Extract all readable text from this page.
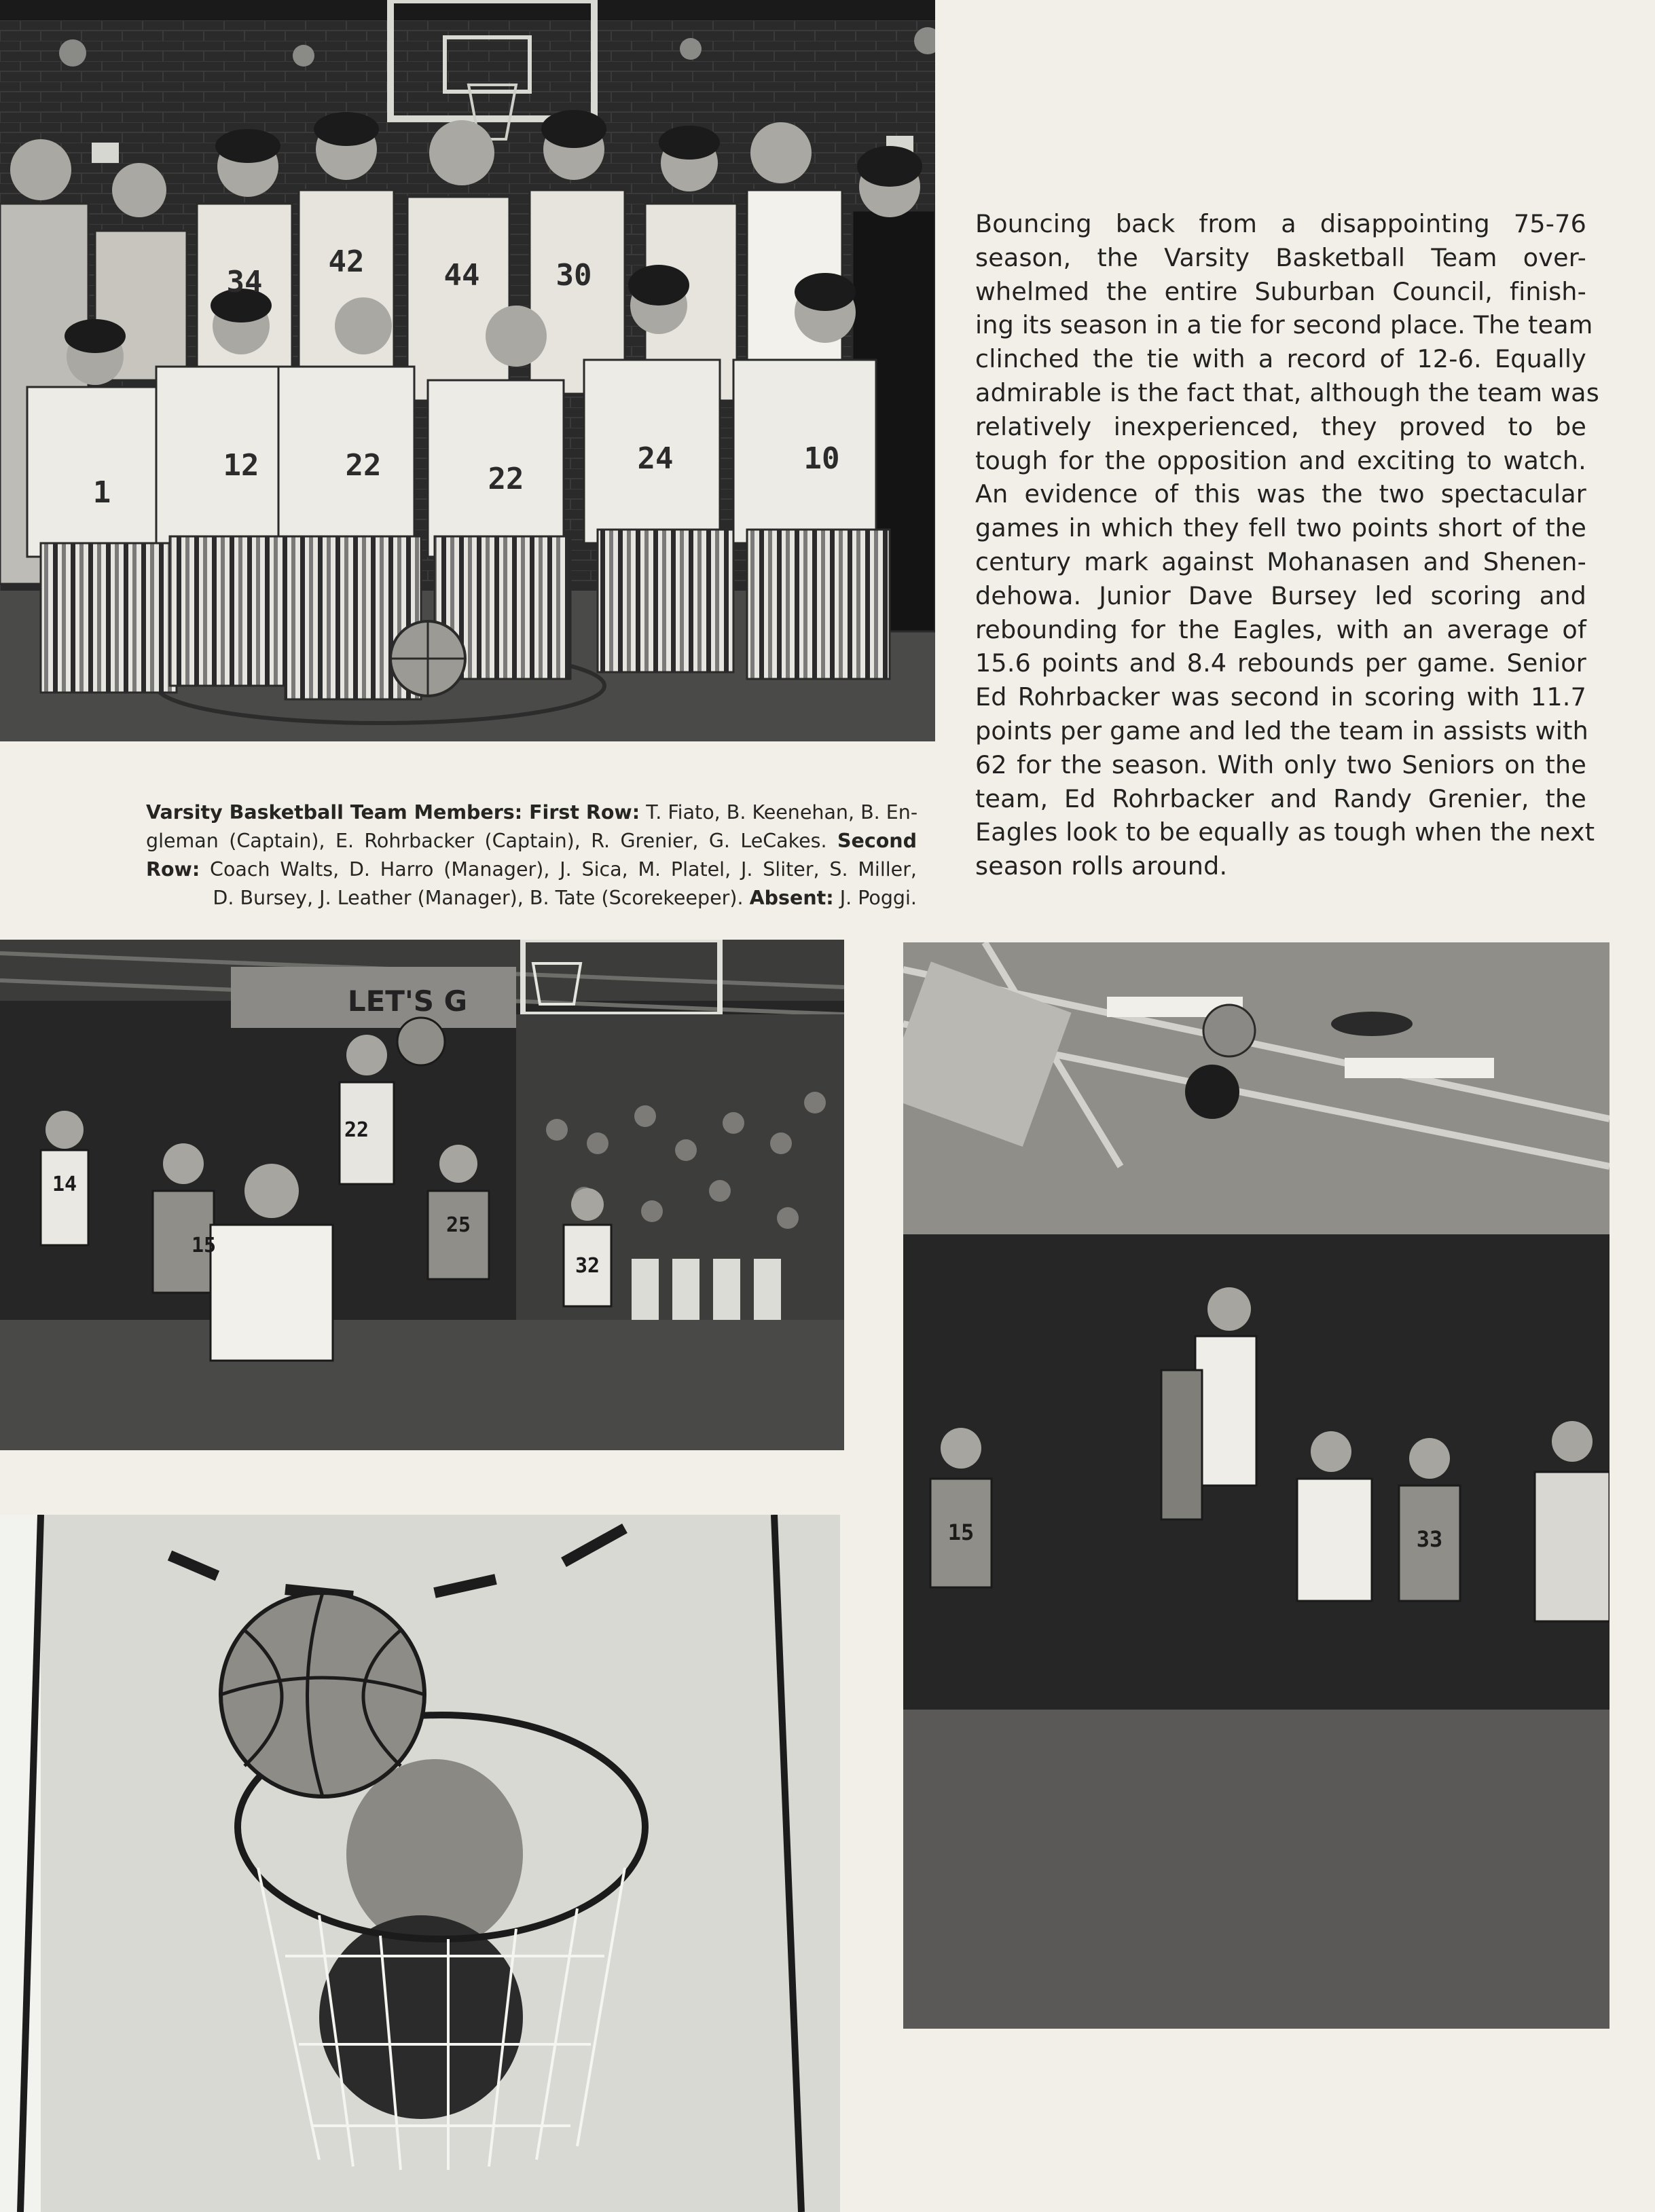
34
42	44	30
1
12	22	22
24	10
Bouncing back from a disappointing 75-76
season, the Varsity Basketball Team over-
whelmed the entire Suburban Council, finish-
ing its season in a tie for second place. The team
clinched the tie with a record of 12-6. Equally
admirable is the fact that, although the team was
relatively inexperienced, they proved to be
tough for the opposition and exciting to watch.
An evidence of this was the two spectacular
games in which they fell two points short of the
century mark against Mohanasen and Shenen-
dehowa. Junior Dave Bursey led scoring and
rebounding for the Eagles, with an average of
15.6 points and 8.4 rebounds per game. Senior
Ed Rohrbacker was second in scoring with 11.7
points per game and led the team in assists with
62 for the season. With only two Seniors on the
team, Ed Rohrbacker and Randy Grenier, the
Eagles look to be equally as tough when the next
season rolls around.
Varsity Basketball Team Members: First Row: T. Fiato, B. Keenehan, B. En-
gleman (Captain), E. Rohrbacker (Captain), R. Grenier, G. LeCakes. Second
Row: Coach Walts, D. Harro (Manager), J. Sica, M. Platel, J. Sliter, S. Miller,
D. Bursey, J. Leather (Manager), B. Tate (Scorekeeper). Absent: J. Poggi.
LET'S G
14
15
22
25
32
15	33
